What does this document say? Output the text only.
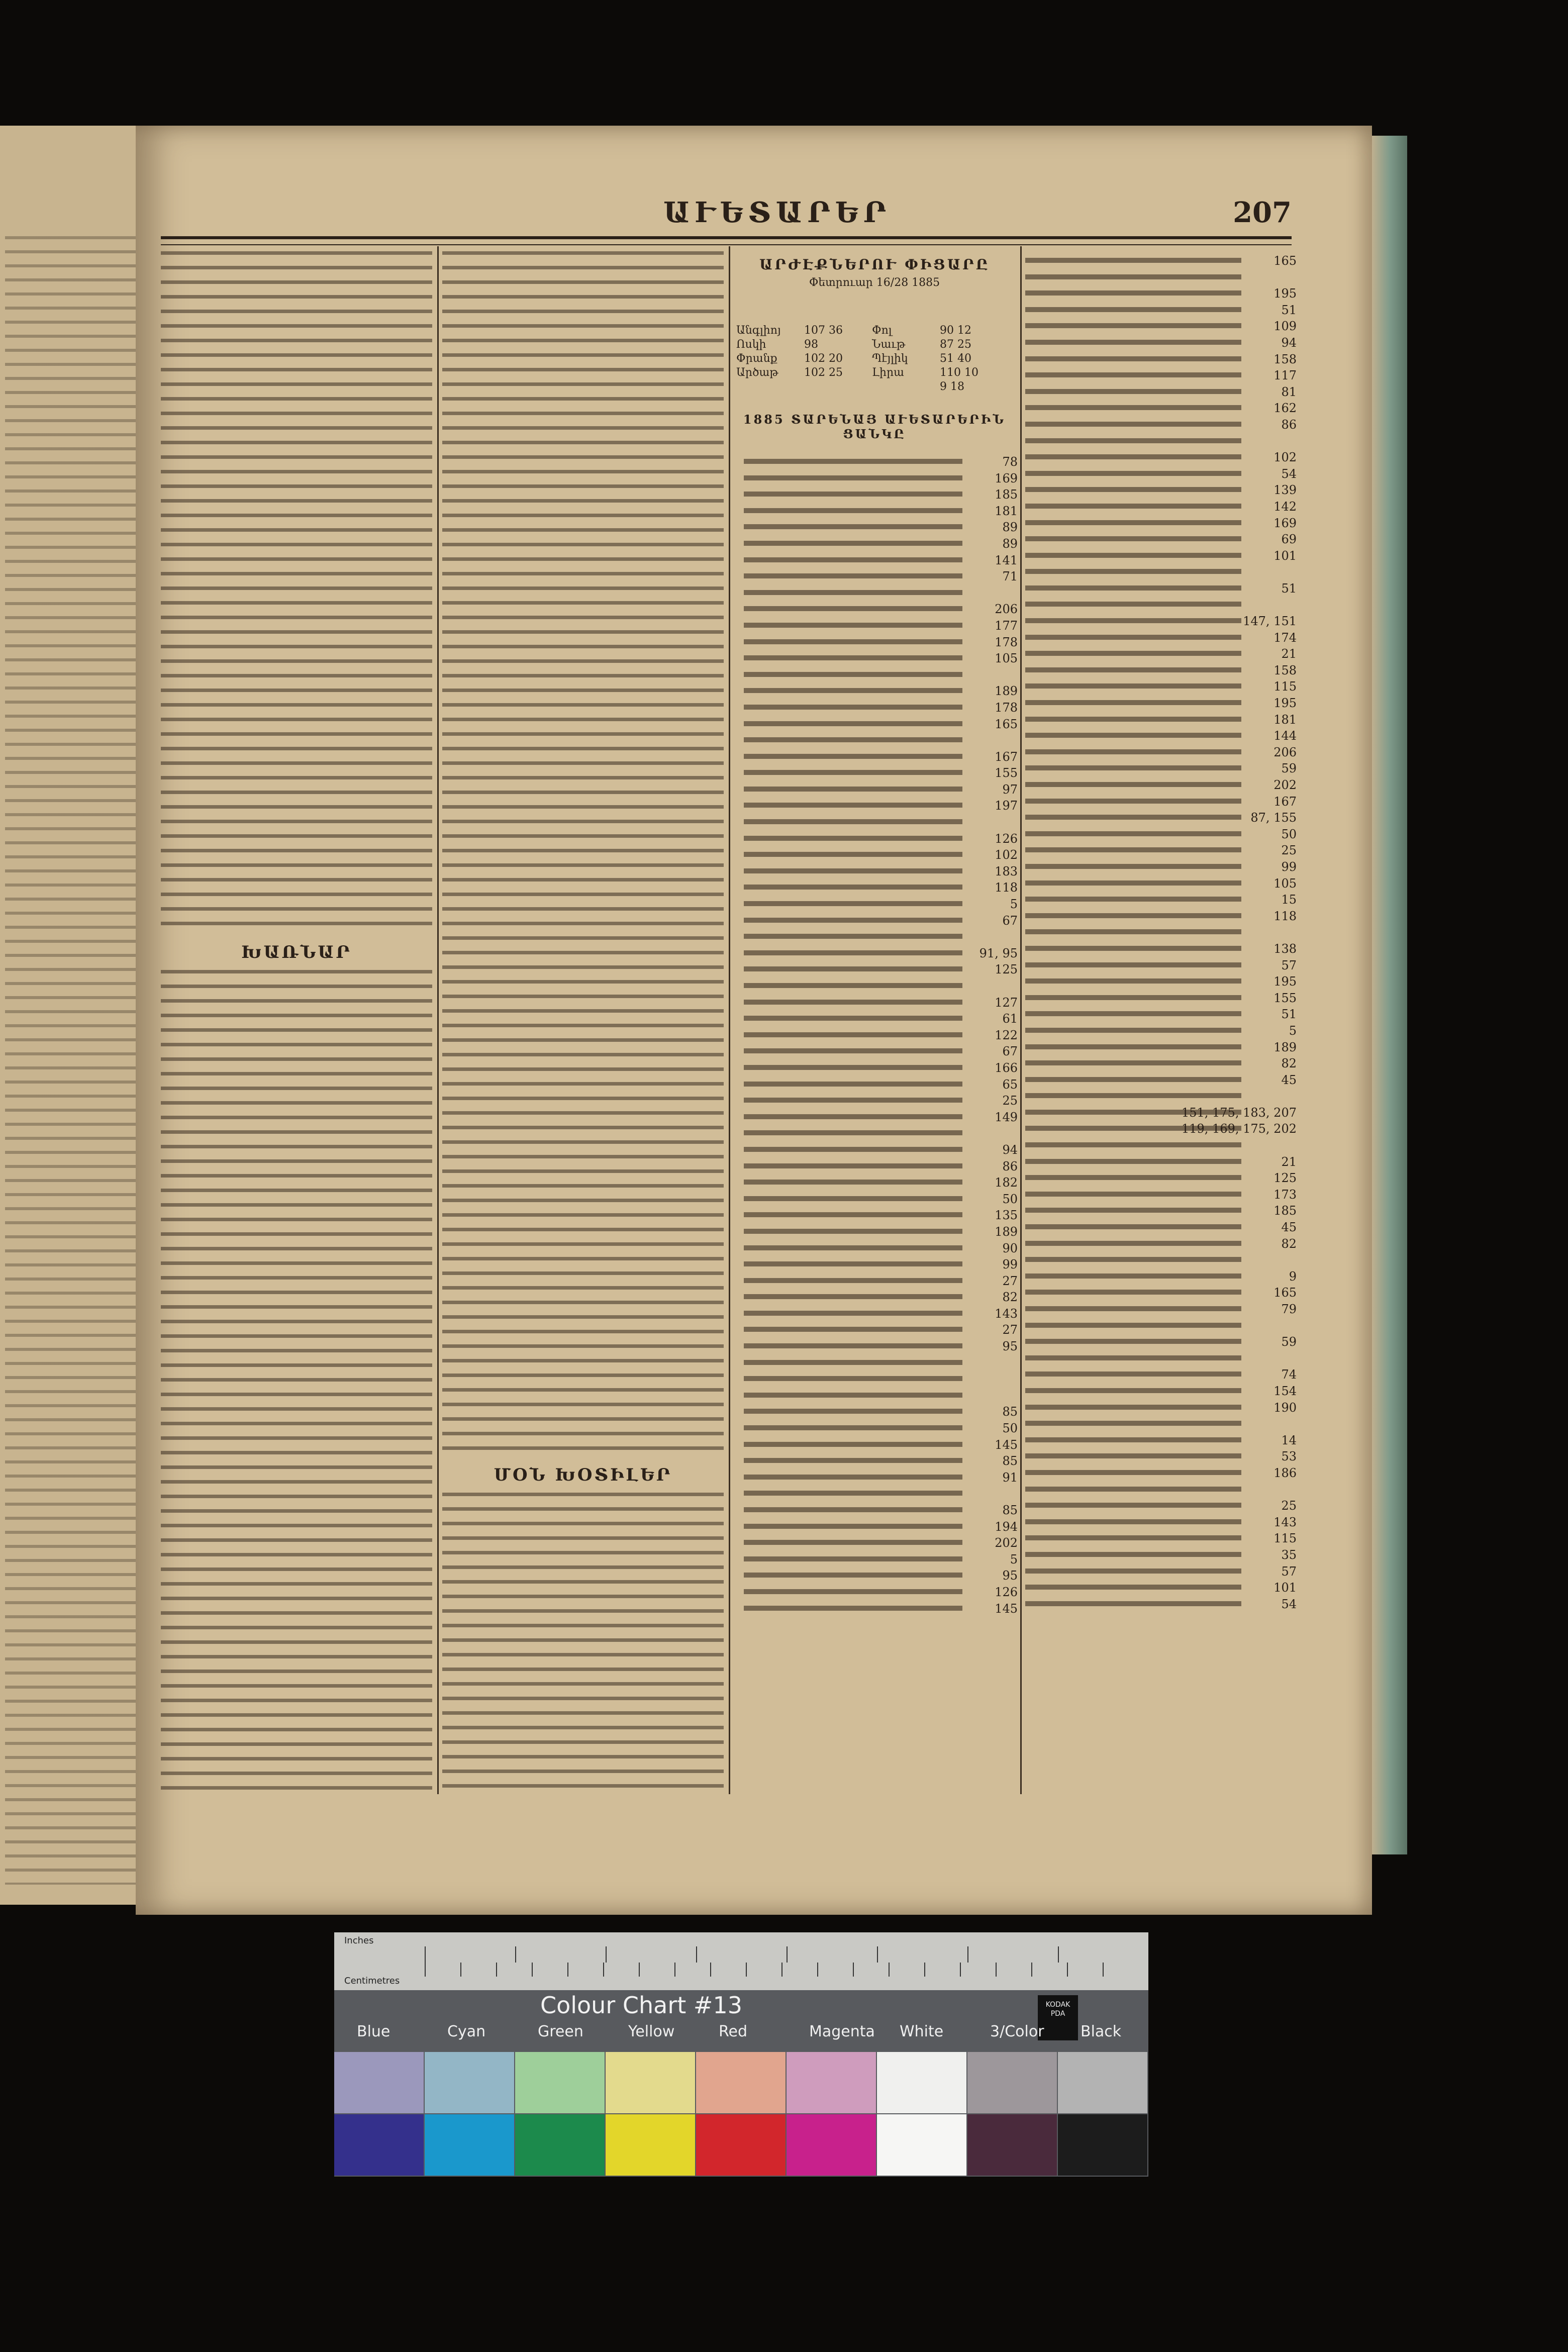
ԱՒԵՏԱՐԵՐ	207
ԽԱՌՆԱՐ
ՄՕՆ ԽՕՏԻԼԵՐ
ԱՐԺԷՔՆԵՐՈՒ ՓԻՑԱՐԸ
Փետրուար 16/28 1885
1885 ՏԱՐԵՆԱՅ ԱՒԵՏԱՐԵՐԻՆ ՑԱՆԿԸ
Անգլիոյ	107 36	Փոլ	90 12
Ոսկի	98	Նաւթ	87 25
Փրանք	102 20	Պէյլիկ	51 40
Արծաթ	102 25	Լիրա	110 10
9 18
78
169
185
181
89
89
141
71
206
177
178
105
189
178
165
167
155
97
197
126
102
183
118
5
67
91, 95
125
127
61
122
67
166
65
25
149
94
86
182
50
135
189
90
99
27
82
143
27
95
85
50
145
85
91
85
194
202
5
95
126
145
165
195
51
109
94
158
117
81
162
86
102
54
139
142
169
69
101
51
147, 151
174
21
158
115
195
181
144
206
59
202
167
87, 155
50
25
99
105
15
118
138
57
195
155
51
5
189
82
45
151, 175, 183, 207
119, 169, 175, 202
21
125
173
185
45
82
9
165
79
59
74
154
190
14
53
186
25
143
115
35
57
101
54
Inches
Centimetres
Colour Chart #13	KODAK PDA
Blue	Cyan	Green	Yellow	Red	Magenta White	3/Color Black
